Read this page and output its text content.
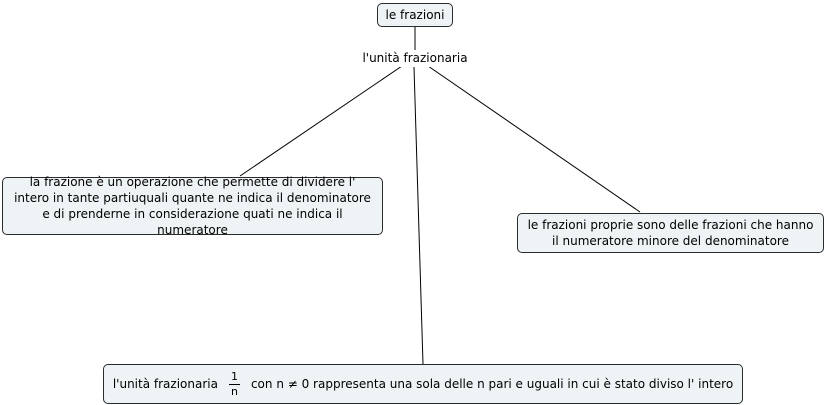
le frazioni
l'unità frazionaria
la frazione è un operazione che permette di dividere l' intero in tante partiuquali quante ne indica il denominatore e di prenderne in considerazione quati ne indica il numeratore	le frazioni proprie sono delle frazioni che hanno il numeratore minore del denominatore
l'unità frazionaria $\frac{1}{n}$ con n ≠ 0 rappresenta una sola delle n pari e uguali in cui è stato diviso l' intero
